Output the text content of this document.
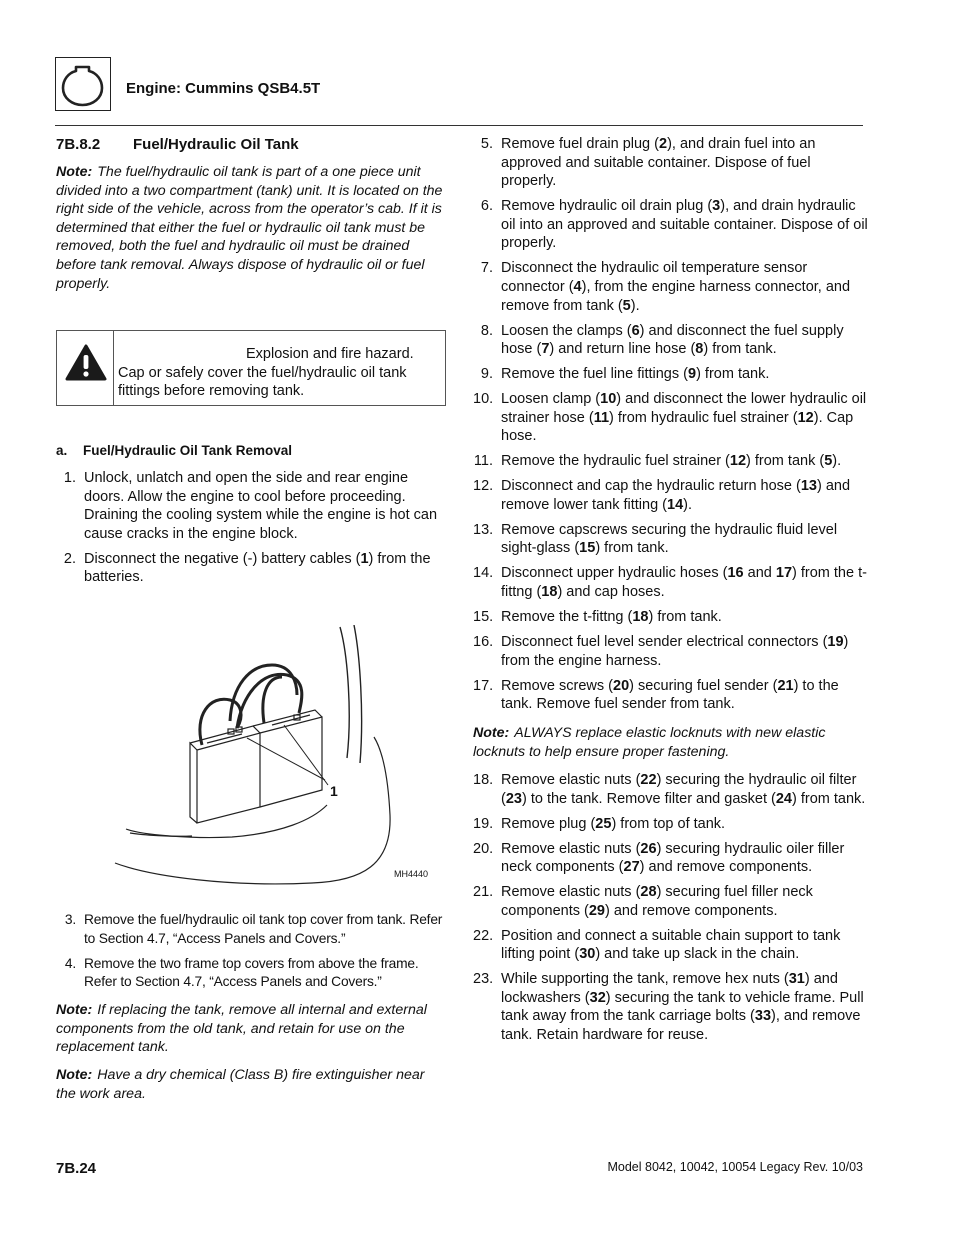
Engine: Cummins QSB4.5T
7B.8.2 Fuel/Hydraulic Oil Tank

Note: The fuel/hydraulic oil tank is part of a one piece unit divided into a two compartment (tank) unit. It is located on the right side of the vehicle, across from the operator’s cab. If it is determined that either the fuel or hydraulic oil tank must be removed, both the fuel and hydraulic oil must be drained before tank removal. Always dispose of hydraulic oil or fuel properly.

Explosion and fire hazard.
Cap or safely cover the fuel/hydraulic oil tank fittings before removing tank.
a. Fuel/Hydraulic Oil Tank Removal
1. Unlock, unlatch and open the side and rear engine doors. Allow the engine to cool before proceeding. Draining the cooling system while the engine is hot can cause cracks in the engine block.
2. Disconnect the negative (-) battery cables (1) from the batteries.
1
MH4440
3. Remove the fuel/hydraulic oil tank top cover from tank. Refer to Section 4.7, “Access Panels and Covers.”
4. Remove the two frame top covers from above the frame. Refer to Section 4.7, “Access Panels and Covers.”

Note: If replacing the tank, remove all internal and external components from the old tank, and retain for use on the replacement tank.

Note: Have a dry chemical (Class B) fire extinguisher near the work area.

5. Remove fuel drain plug (2), and drain fuel into an approved and suitable container. Dispose of fuel properly.
6. Remove hydraulic oil drain plug (3), and drain hydraulic oil into an approved and suitable container. Dispose of oil properly.
7. Disconnect the hydraulic oil temperature sensor connector (4), from the engine harness connector, and remove from tank (5).
8. Loosen the clamps (6) and disconnect the fuel supply hose (7) and return line hose (8) from tank.
9. Remove the fuel line fittings (9) from tank.
10. Loosen clamp (10) and disconnect the lower hydraulic oil strainer hose (11) from hydraulic fuel strainer (12). Cap hose.
11. Remove the hydraulic fuel strainer (12) from tank (5).
12. Disconnect and cap the hydraulic return hose (13) and remove lower tank fitting (14).
13. Remove capscrews securing the hydraulic fluid level sight-glass (15) from tank.
14. Disconnect upper hydraulic hoses (16 and 17) from the t-fittng (18) and cap hoses.
15. Remove the t-fittng (18) from tank.
16. Disconnect fuel level sender electrical connectors (19) from the engine harness.
17. Remove screws (20) securing fuel sender (21) to the tank. Remove fuel sender from tank.

Note: ALWAYS replace elastic locknuts with new elastic locknuts to help ensure proper fastening.

18. Remove elastic nuts (22) securing the hydraulic oil filter (23) to the tank. Remove filter and gasket (24) from tank.
19. Remove plug (25) from top of tank.
20. Remove elastic nuts (26) securing hydraulic oiler filler neck components (27) and remove components.
21. Remove elastic nuts (28) securing fuel filler neck components (29) and remove components.
22. Position and connect a suitable chain support to tank lifting point (30) and take up slack in the chain.
23. While supporting the tank, remove hex nuts (31) and lockwashers (32) securing the tank to vehicle frame. Pull tank away from the tank carriage bolts (33), and remove tank. Retain hardware for reuse.
7B.24	Model 8042, 10042, 10054 Legacy Rev. 10/03
